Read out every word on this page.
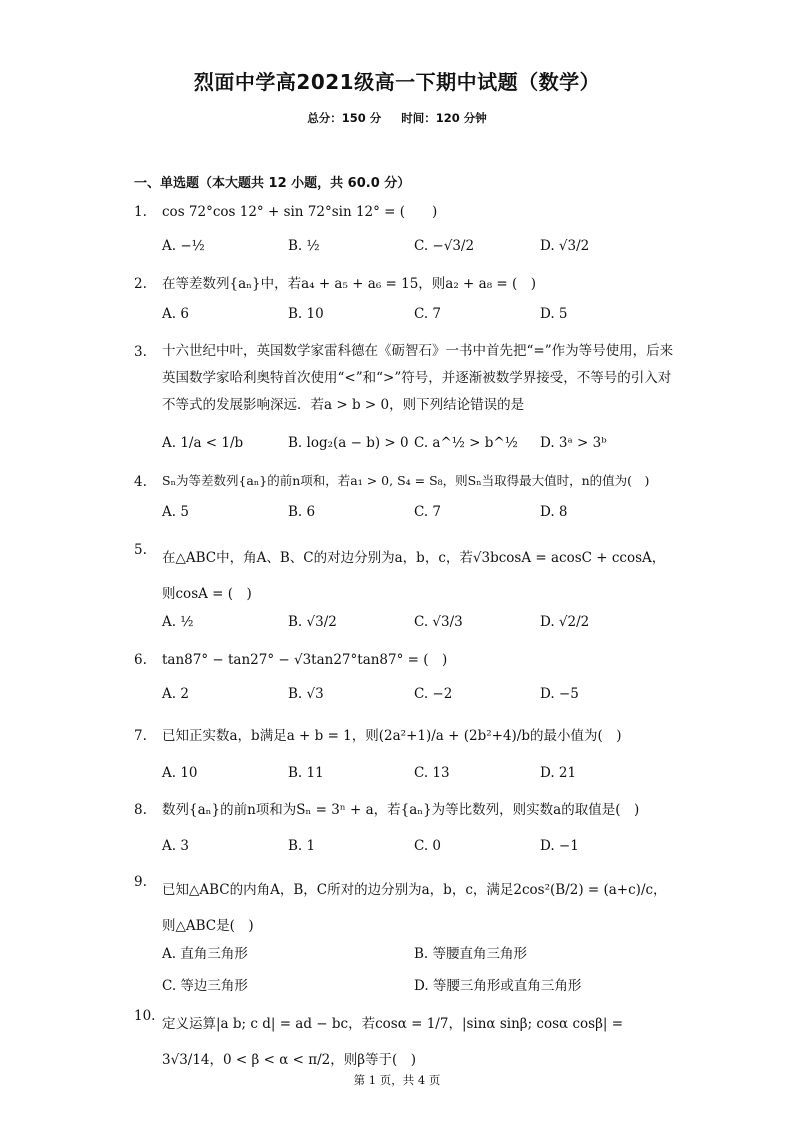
烈面中学高2021级高一下期中试题（数学）
总分：150 分 时间：120 分钟
一、单选题（本大题共 12 小题，共 60.0 分）
1.	cos 72°cos 12° + sin 72°sin 12° = (　　)
A. −½	B. ½	C. −√3/2	D. √3/2
2.	在等差数列{aₙ}中，若a₄ + a₅ + a₆ = 15，则a₂ + a₈ = (　)
A. 6	B. 10	C. 7	D. 5
3.	十六世纪中叶，英国数学家雷科德在《砺智石》一书中首先把“=”作为等号使用，后来英国数学家哈利奥特首次使用“<”和“>”符号，并逐渐被数学界接受，不等号的引入对不等式的发展影响深远．若a > b > 0，则下列结论错误的是
A. 1/a < 1/b	B. log₂(a − b) > 0 C. a^½ > b^½ D. 3ᵃ > 3ᵇ
4.	Sₙ为等差数列{aₙ}的前n项和，若a₁ > 0, S₄ = S₈，则Sₙ当取得最大值时，n的值为(　)
A. 5	B. 6	C. 7	D. 8
5.	在△ABC中，角A、B、C的对边分别为a，b，c，若√3bcosA = acosC + ccosA，则cosA = (　)
A. ½	B. √3/2	C. √3/3	D. √2/2
6.	tan87° − tan27° − √3tan27°tan87° = (　)
A. 2	B. √3	C. −2	D. −5
7.	已知正实数a，b满足a + b = 1，则(2a²+1)/a + (2b²+4)/b的最小值为(　)
A. 10	B. 11	C. 13	D. 21
8.	数列{aₙ}的前n项和为Sₙ = 3ⁿ + a，若{aₙ}为等比数列，则实数a的取值是(　)
A. 3	B. 1	C. 0	D. −1
9.	已知△ABC的内角A，B，C所对的边分别为a，b，c，满足2cos²(B/2) = (a+c)/c，则△ABC是(　)
A. 直角三角形	B. 等腰直角三角形
C. 等边三角形	D. 等腰三角形或直角三角形
10. 定义运算|a b; c d| = ad − bc，若cosα = 1/7，|sinα sinβ; cosα cosβ| = 3√3/14，0 < β < α < π/2，则β等于(　)
第 1 页，共 4 页
